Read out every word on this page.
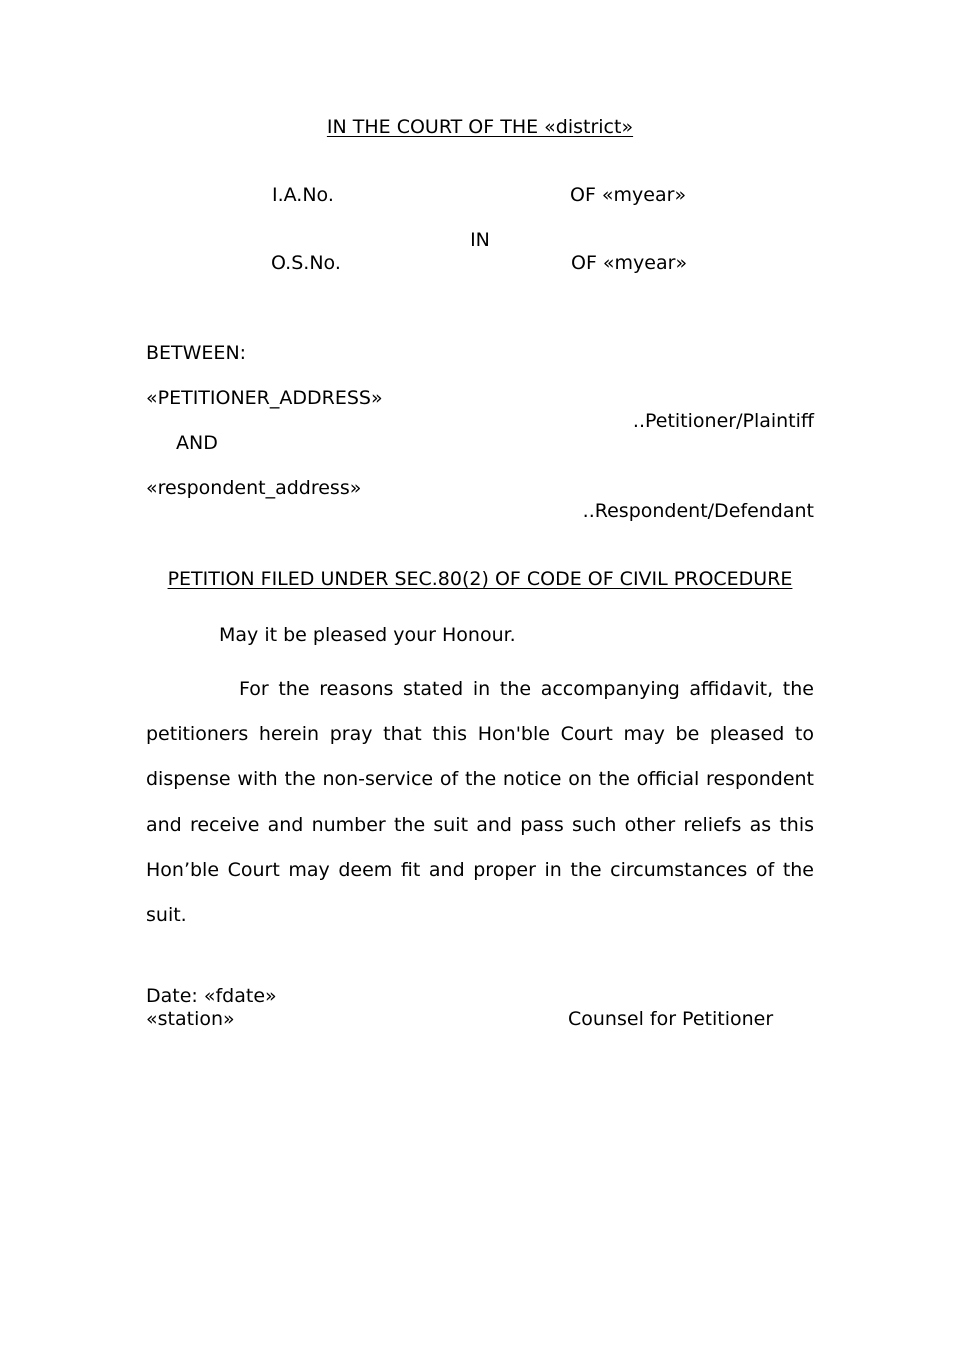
IN THE COURT OF THE «district»
I.A.No.	OF «myear»
IN
O.S.No.	OF «myear»
BETWEEN:
«PETITIONER_ADDRESS»
..Petitioner/Plaintiff
AND
«respondent_address»
..Respondent/Defendant
PETITION FILED UNDER SEC.80(2) OF CODE OF CIVIL PROCEDURE
May it be pleased your Honour.
For the reasons stated in the accompanying affidavit, the petitioners herein pray that this Hon'ble Court may be pleased to dispense with the non-service of the notice on the official respondent and receive and number the suit and pass such other reliefs as this Hon’ble Court may deem fit and proper in the circumstances of the suit.
Date: «fdate»
«station»	Counsel for Petitioner
